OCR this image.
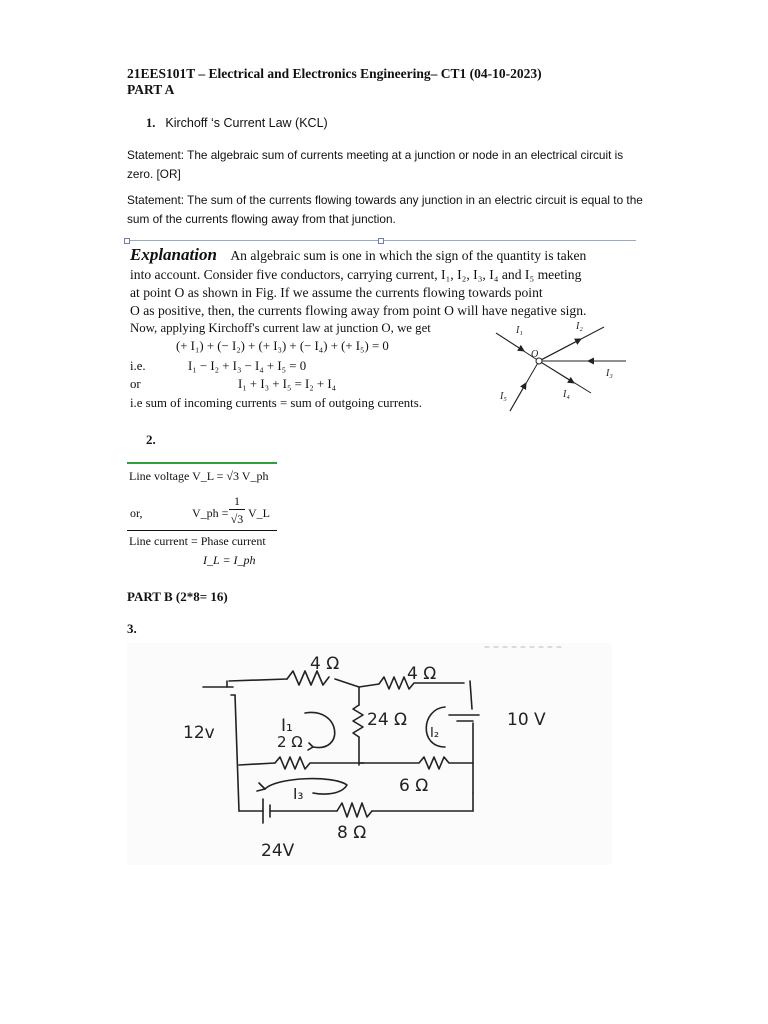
21EES101T – Electrical and Electronics Engineering– CT1 (04-10-2023)
PART A
1. Kirchoff ‘s Current Law (KCL)
Statement: The algebraic sum of currents meeting at a junction or node in an electrical circuit is zero. [OR]
Statement: The sum of the currents flowing towards any junction in an electric circuit is equal to the sum of the currents flowing away from that junction.
Explanation An algebraic sum is one in which the sign of the quantity is taken
into account. Consider five conductors, carrying current, I₁, I₂, I₃, I₄ and I₅ meeting
at point O as shown in Fig. If we assume the currents flowing towards point
O as positive, then, the currents flowing away from point O will have negative sign.
Now, applying Kirchoff's current law at junction O, we get
(+ I₁) + (− I₂) + (+ I₃) + (− I₄) + (+ I₅) = 0
i.e.	I₁ − I₂ + I₃ − I₄ + I₅ = 0
or	I₁ + I₃ + I₅ = I₂ + I₄
i.e sum of incoming currents = sum of outgoing currents.
I₁	I₂
I₃
I₄
I₅
O
2.
Line voltage V_L = √3 V_ph
or,	V_ph =
1
√3 V_L
Line current = Phase current
I_L = I_ph
PART B (2*8= 16)
3.
4 Ω	4 Ω
12v
10 V
I₁
2 Ω
24 Ω
I₂
6 Ω
I₃
8 Ω
24V
